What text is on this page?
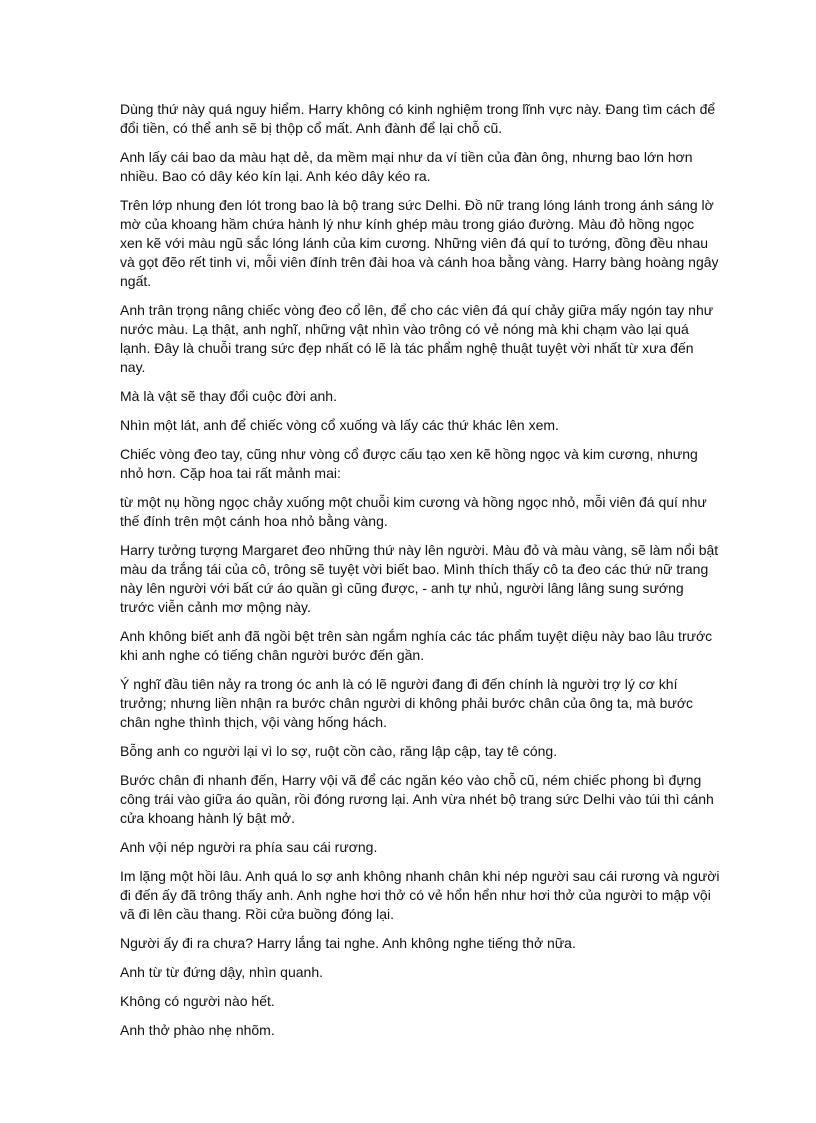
Dùng thứ này quá nguy hiểm. Harry không có kinh nghiệm trong lĩnh vực này. Đang tìm cách để đổi tiền, có thể anh sẽ bị thộp cổ mất. Anh đành để lại chỗ cũ.

Anh lấy cái bao da màu hạt dẻ, da mềm mại như da ví tiền của đàn ông, nhưng bao lớn hơn nhiều. Bao có dây kéo kín lại. Anh kéo dây kéo ra.

Trên lớp nhung đen lót trong bao là bộ trang sức Delhi. Đồ nữ trang lóng lánh trong ánh sáng lờ mờ của khoang hầm chứa hành lý như kính ghép màu trong giáo đường. Màu đỏ hồng ngọc xen kẽ với màu ngũ sắc lóng lánh của kim cương. Những viên đá quí to tướng, đồng đều nhau và gọt đẽo rết tinh vi, mỗi viên đính trên đài hoa và cánh hoa bằng vàng. Harry bàng hoàng ngây ngất.

Anh trân trọng nâng chiếc vòng đeo cổ lên, để cho các viên đá quí chảy giữa mấy ngón tay như nước màu. Lạ thật, anh nghĩ, những vật nhìn vào trông có vẻ nóng mà khi chạm vào lại quá lạnh. Đây là chuỗi trang sức đẹp nhất có lẽ là tác phẩm nghệ thuật tuyệt vời nhất từ xưa đến nay.

Mà là vật sẽ thay đổi cuộc đời anh.

Nhìn một lát, anh để chiếc vòng cổ xuống và lấy các thứ khác lên xem.

Chiếc vòng đeo tay, cũng như vòng cổ được cấu tạo xen kẽ hồng ngọc và kim cương, nhưng nhỏ hơn. Cặp hoa tai rất mảnh mai:

từ một nụ hồng ngọc chảy xuống một chuỗi kim cương và hồng ngọc nhỏ, mỗi viên đá quí như thế đính trên một cánh hoa nhỏ bằng vàng.

Harry tưởng tượng Margaret đeo những thứ này lên người. Màu đỏ và màu vàng, sẽ làm nổi bật màu da trắng tái của cô, trông sẽ tuyệt vời biết bao. Mình thích thấy cô ta đeo các thứ nữ trang này lên người với bất cứ áo quần gì cũng được, - anh tự nhủ, người lâng lâng sung sướng trước viễn cảnh mơ mộng này.

Anh không biết anh đã ngồi bệt trên sàn ngắm nghía các tác phẩm tuyệt diệu này bao lâu trước khi anh nghe có tiếng chân người bước đến gần.

Ý nghĩ đầu tiên nảy ra trong óc anh là có lẽ người đang đi đến chính là người trợ lý cơ khí trưởng; nhưng liền nhận ra bước chân người di không phải bước chân của ông ta, mà bước chân nghe thình thịch, vội vàng hống hách.

Bỗng anh co người lại vì lo sợ, ruột cồn cào, răng lập cập, tay tê cóng.

Bước chân đi nhanh đến, Harry vội vã để các ngăn kéo vào chỗ cũ, ném chiếc phong bì đựng công trái vào giữa áo quần, rồi đóng rương lại. Anh vừa nhét bộ trang sức Delhi vào túi thì cánh cửa khoang hành lý bật mở.

Anh vội nép người ra phía sau cái rương.

Im lặng một hồi lâu. Anh quá lo sợ anh không nhanh chân khi nép người sau cái rương và người đi đến ấy đã trông thấy anh. Anh nghe hơi thở có vẻ hổn hển như hơi thở của người to mập vội vã đi lên cầu thang. Rồi cửa buồng đóng lại.

Người ấy đi ra chưa? Harry lắng tai nghe. Anh không nghe tiếng thở nữa.

Anh từ từ đứng dậy, nhìn quanh.

Không có người nào hết.

Anh thở phào nhẹ nhõm.
